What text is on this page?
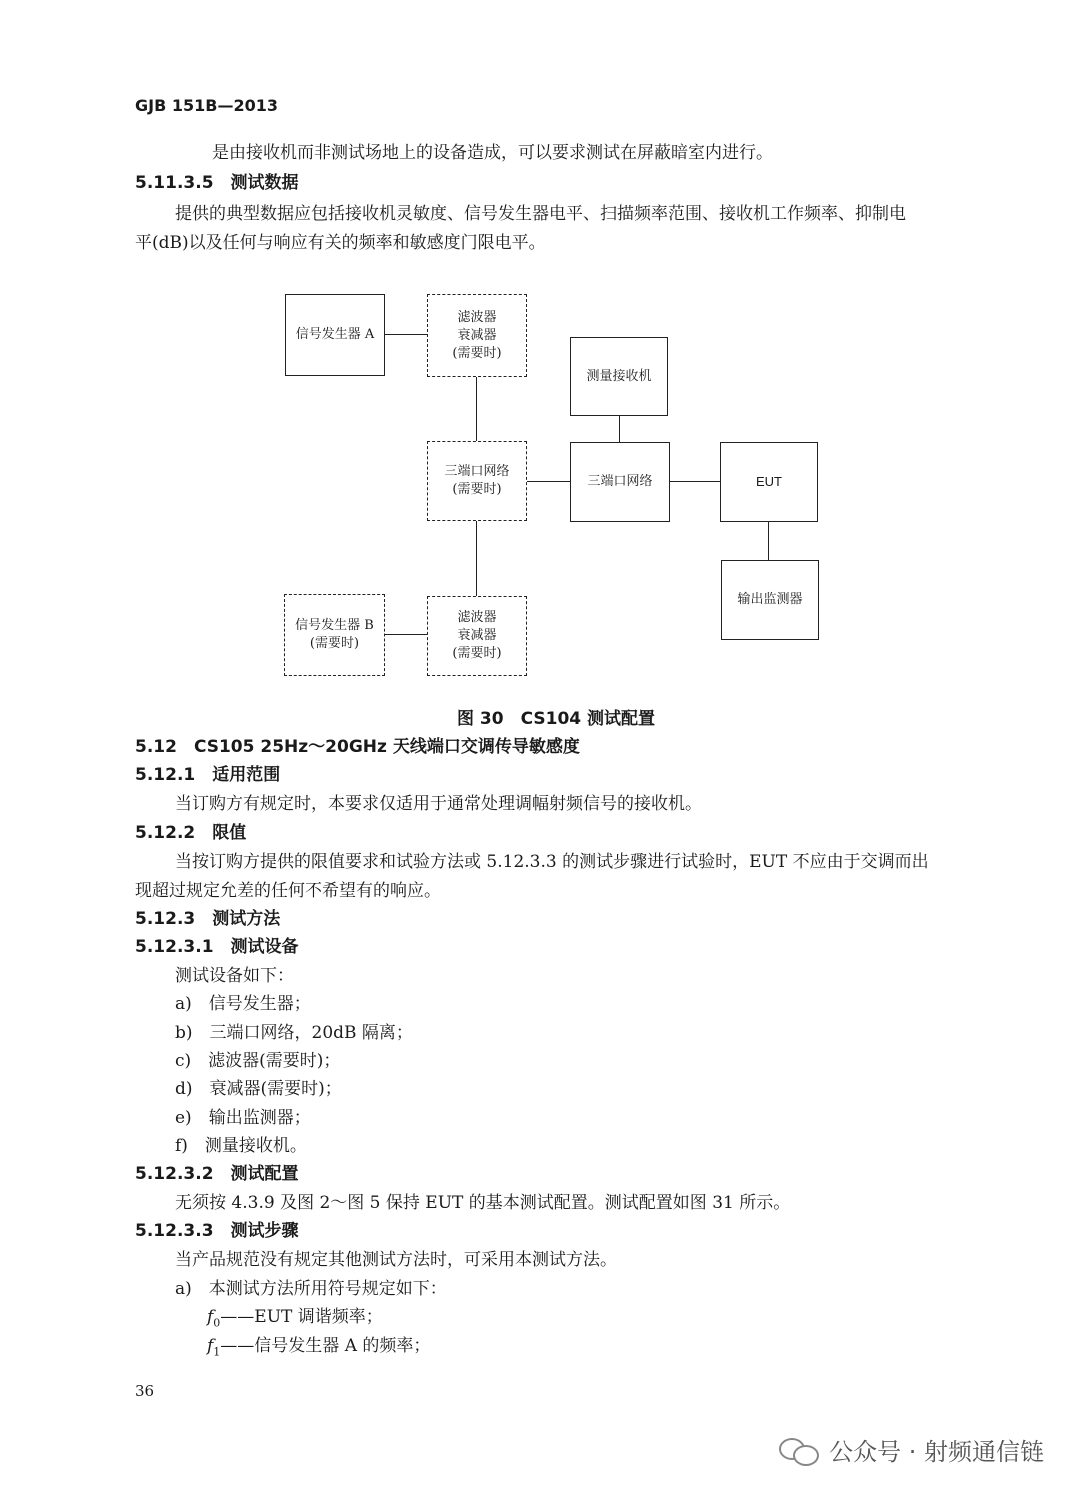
GJB 151B—2013
是由接收机而非测试场地上的设备造成，可以要求测试在屏蔽暗室内进行。
5.11.3.5　测试数据
提供的典型数据应包括接收机灵敏度、信号发生器电平、扫描频率范围、接收机工作频率、抑制电
平(dB)以及任何与响应有关的频率和敏感度门限电平。
信号发生器 A
滤波器
衰减器
(需要时)
测量接收机
三端口网络
(需要时)
三端口网络	EUT
输出监测器
信号发生器 B
(需要时)
滤波器
衰减器
(需要时)
图 30　CS104 测试配置
5.12　CS105 25Hz～20GHz 天线端口交调传导敏感度
5.12.1　适用范围
当订购方有规定时，本要求仅适用于通常处理调幅射频信号的接收机。
5.12.2　限值
当按订购方提供的限值要求和试验方法或 5.12.3.3 的测试步骤进行试验时，EUT 不应由于交调而出
现超过规定允差的任何不希望有的响应。
5.12.3　测试方法
5.12.3.1　测试设备
测试设备如下：
a)　信号发生器；
b)　三端口网络，20dB 隔离；
c)　滤波器(需要时)；
d)　衰减器(需要时)；
e)　输出监测器；
f)　测量接收机。
5.12.3.2　测试配置
无须按 4.3.9 及图 2～图 5 保持 EUT 的基本测试配置。测试配置如图 31 所示。
5.12.3.3　测试步骤
当产品规范没有规定其他测试方法时，可采用本测试方法。
a)　本测试方法所用符号规定如下：
$f_0——EUT$ 调谐频率；
$f_1——$信号发生器 A 的频率；
36
公众号 · 射频通信链
